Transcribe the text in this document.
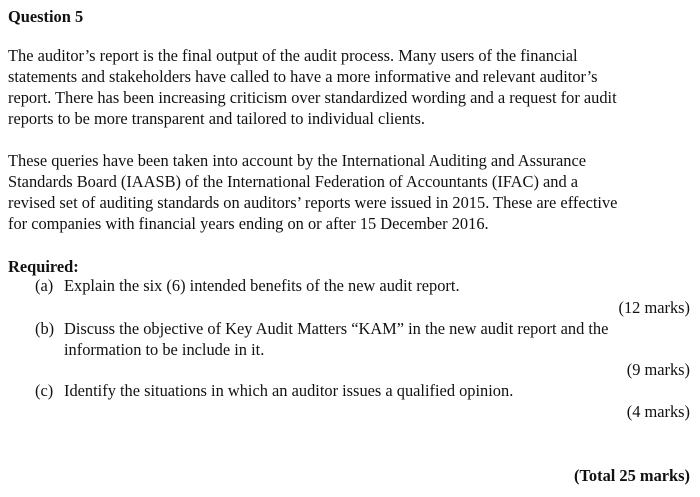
Question 5

The auditor’s report is the final output of the audit process. Many users of the financial
statements and stakeholders have called to have a more informative and relevant auditor’s
report. There has been increasing criticism over standardized wording and a request for audit
reports to be more transparent and tailored to individual clients.

These queries have been taken into account by the International Auditing and Assurance
Standards Board (IAASB) of the International Federation of Accountants (IFAC) and a
revised set of auditing standards on auditors’ reports were issued in 2015. These are effective
for companies with financial years ending on or after 15 December 2016.

Required:
(a) Explain the six (6) intended benefits of the new audit report.
(12 marks)
(b) Discuss the objective of Key Audit Matters “KAM” in the new audit report and the
information to be include in it.
(9 marks)
(c) Identify the situations in which an auditor issues a qualified opinion.
(4 marks)
(Total 25 marks)
